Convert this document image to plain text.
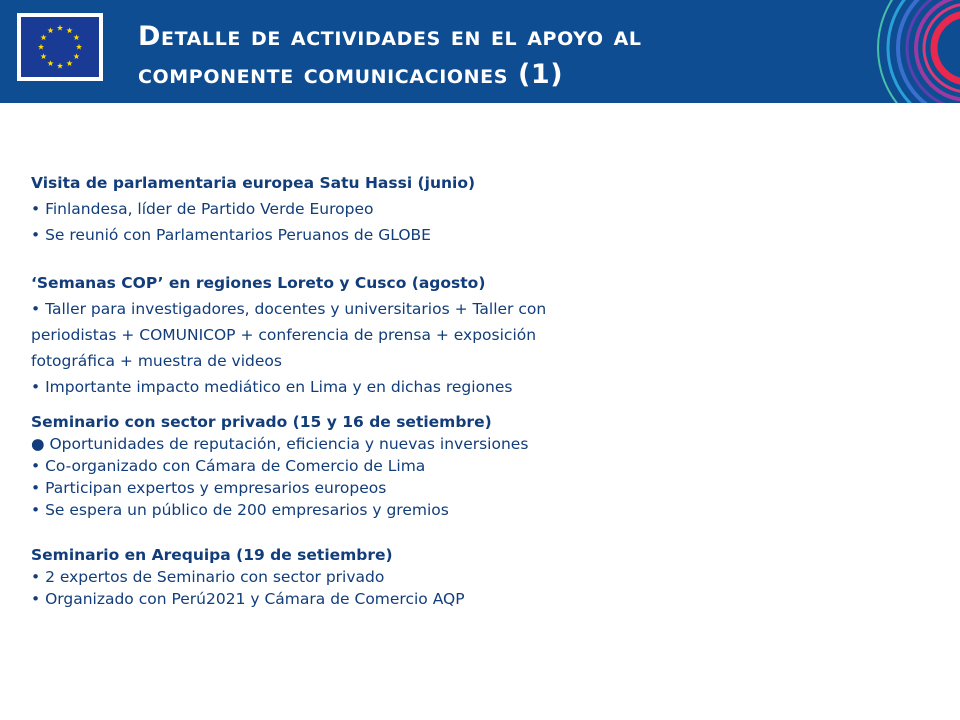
Detalle de actividades en el apoyo al
componente comunicaciones (1)
Visita de parlamentaria europea Satu Hassi (junio)
• Finlandesa, líder de Partido Verde Europeo
• Se reunió con Parlamentarios Peruanos de GLOBE
‘Semanas COP’ en regiones Loreto y Cusco (agosto)
• Taller para investigadores, docentes y universitarios + Taller con
periodistas + COMUNICOP + conferencia de prensa + exposición
fotográfica + muestra de videos
• Importante impacto mediático en Lima y en dichas regiones
Seminario con sector privado (15 y 16 de setiembre)
● Oportunidades de reputación, eficiencia y nuevas inversiones
• Co-organizado con Cámara de Comercio de Lima
• Participan expertos y empresarios europeos
• Se espera un público de 200 empresarios y gremios
Seminario en Arequipa (19 de setiembre)
• 2 expertos de Seminario con sector privado
• Organizado con Perú2021 y Cámara de Comercio AQP
